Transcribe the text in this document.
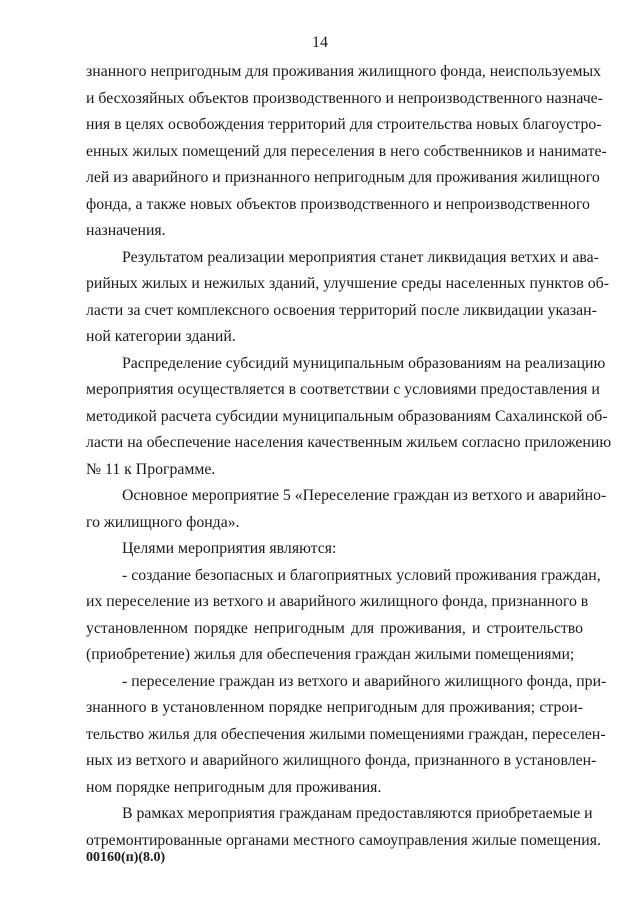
14
знанного непригодным для проживания жилищного фонда, неиспользуемых
и бесхозяйных объектов производственного и непроизводственного назначе-
ния в целях освобождения территорий для строительства новых благоустро-
енных жилых помещений для переселения в него собственников и нанимате-
лей из аварийного и признанного непригодным для проживания жилищного
фонда, а также новых объектов производственного и непроизводственного
назначения.
Результатом реализации мероприятия станет ликвидация ветхих и ава-
рийных жилых и нежилых зданий, улучшение среды населенных пунктов об-
ласти за счет комплексного освоения территорий после ликвидации указан-
ной категории зданий.
Распределение субсидий муниципальным образованиям на реализацию
мероприятия осуществляется в соответствии с условиями предоставления и
методикой расчета субсидии муниципальным образованиям Сахалинской об-
ласти на обеспечение населения качественным жильем согласно приложению
№ 11 к Программе.
Основное мероприятие 5 «Переселение граждан из ветхого и аварийно-
го жилищного фонда».
Целями мероприятия являются:
- создание безопасных и благоприятных условий проживания граждан,
их переселение из ветхого и аварийного жилищного фонда, признанного в
установленном порядке непригодным для проживания, и строительство
(приобретение) жилья для обеспечения граждан жилыми помещениями;
- переселение граждан из ветхого и аварийного жилищного фонда, при-
знанного в установленном порядке непригодным для проживания; строи-
тельство жилья для обеспечения жилыми помещениями граждан, переселен-
ных из ветхого и аварийного жилищного фонда, признанного в установлен-
ном порядке непригодным для проживания.
В рамках мероприятия гражданам предоставляются приобретаемые и
отремонтированные органами местного самоуправления жилые помещения.
00160(п)(8.0)
